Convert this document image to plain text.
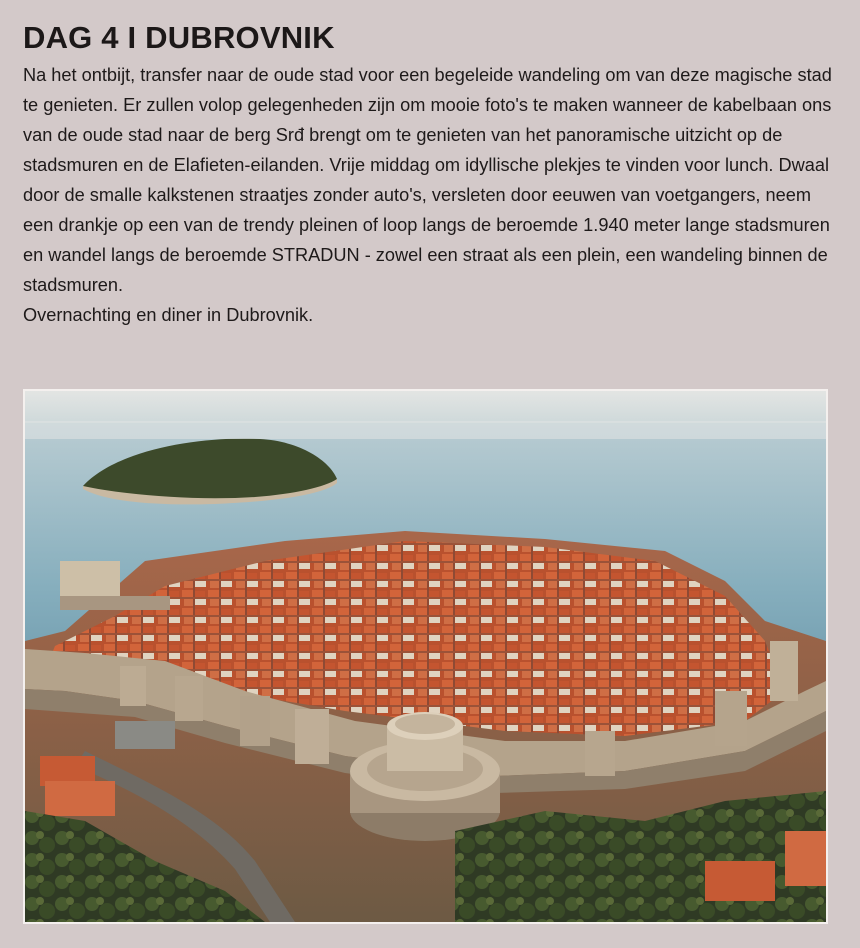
DAG 4 I DUBROVNIK

Na het ontbijt, transfer naar de oude stad voor een begeleide wandeling om van deze magische stad te genieten. Er zullen volop gelegenheden zijn om mooie foto's te maken wanneer de kabelbaan ons van de oude stad naar de berg Srđ brengt om te genieten van het panoramische uitzicht op de stadsmuren en de Elafieten-eilanden. Vrije middag om idyllische plekjes te vinden voor lunch. Dwaal door de smalle kalkstenen straatjes zonder auto's, versleten door eeuwen van voetgangers, neem een drankje op een van de trendy pleinen of loop langs de beroemde 1.940 meter lange stadsmuren en wandel langs de beroemde STRADUN - zowel een straat als een plein, een wandeling binnen de stadsmuren.

Overnachting en diner in Dubrovnik.
